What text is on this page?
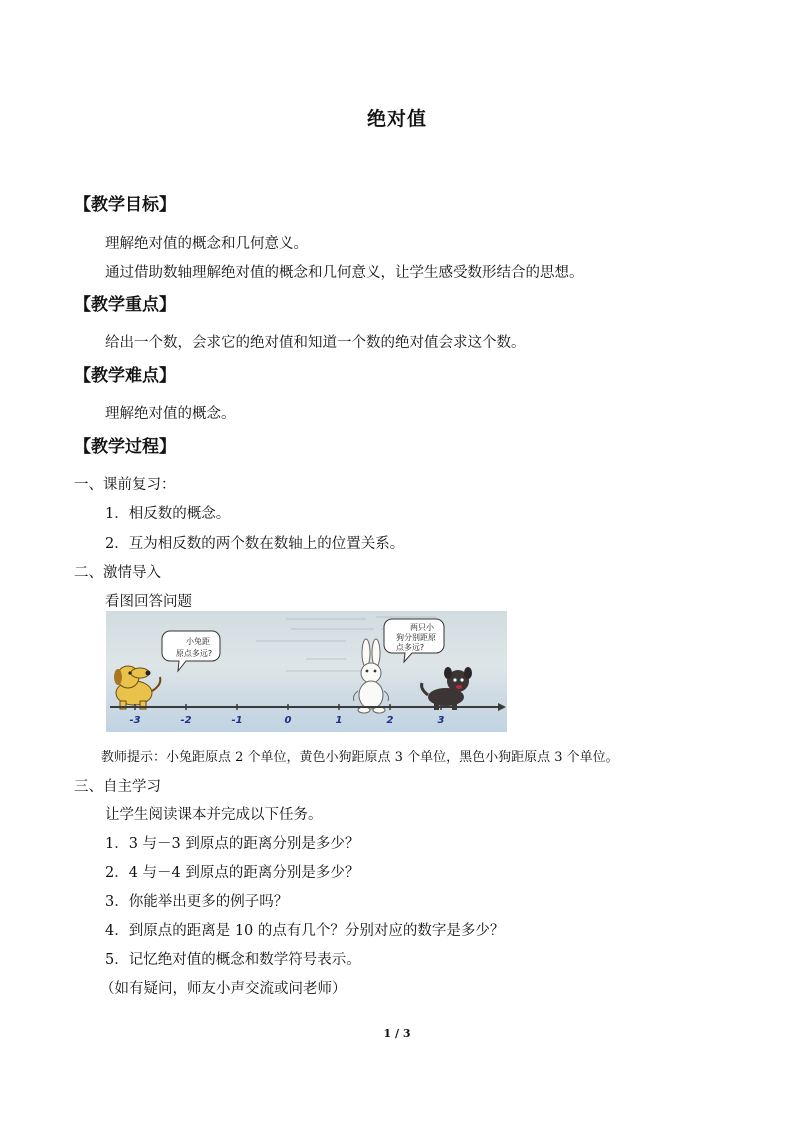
绝对值
【教学目标】
理解绝对值的概念和几何意义。
通过借助数轴理解绝对值的概念和几何意义，让学生感受数形结合的思想。
【教学重点】
给出一个数，会求它的绝对值和知道一个数的绝对值会求这个数。
【教学难点】
理解绝对值的概念。
【教学过程】
一、课前复习：
1．相反数的概念。
2．互为相反数的两个数在数轴上的位置关系。
二、激情导入
看图回答问题
小兔距
原点多远?
两只小
狗分别距原
点多远?
-3	-2	-1	0	1	2	3
教师提示：小兔距原点 2 个单位，黄色小狗距原点 3 个单位，黑色小狗距原点 3 个单位。
三、自主学习
让学生阅读课本并完成以下任务。
1．3 与－3 到原点的距离分别是多少？
2．4 与－4 到原点的距离分别是多少？
3．你能举出更多的例子吗？
4．到原点的距离是 10 的点有几个？分别对应的数字是多少？
5．记忆绝对值的概念和数学符号表示。
（如有疑问，师友小声交流或问老师）
1 / 3
